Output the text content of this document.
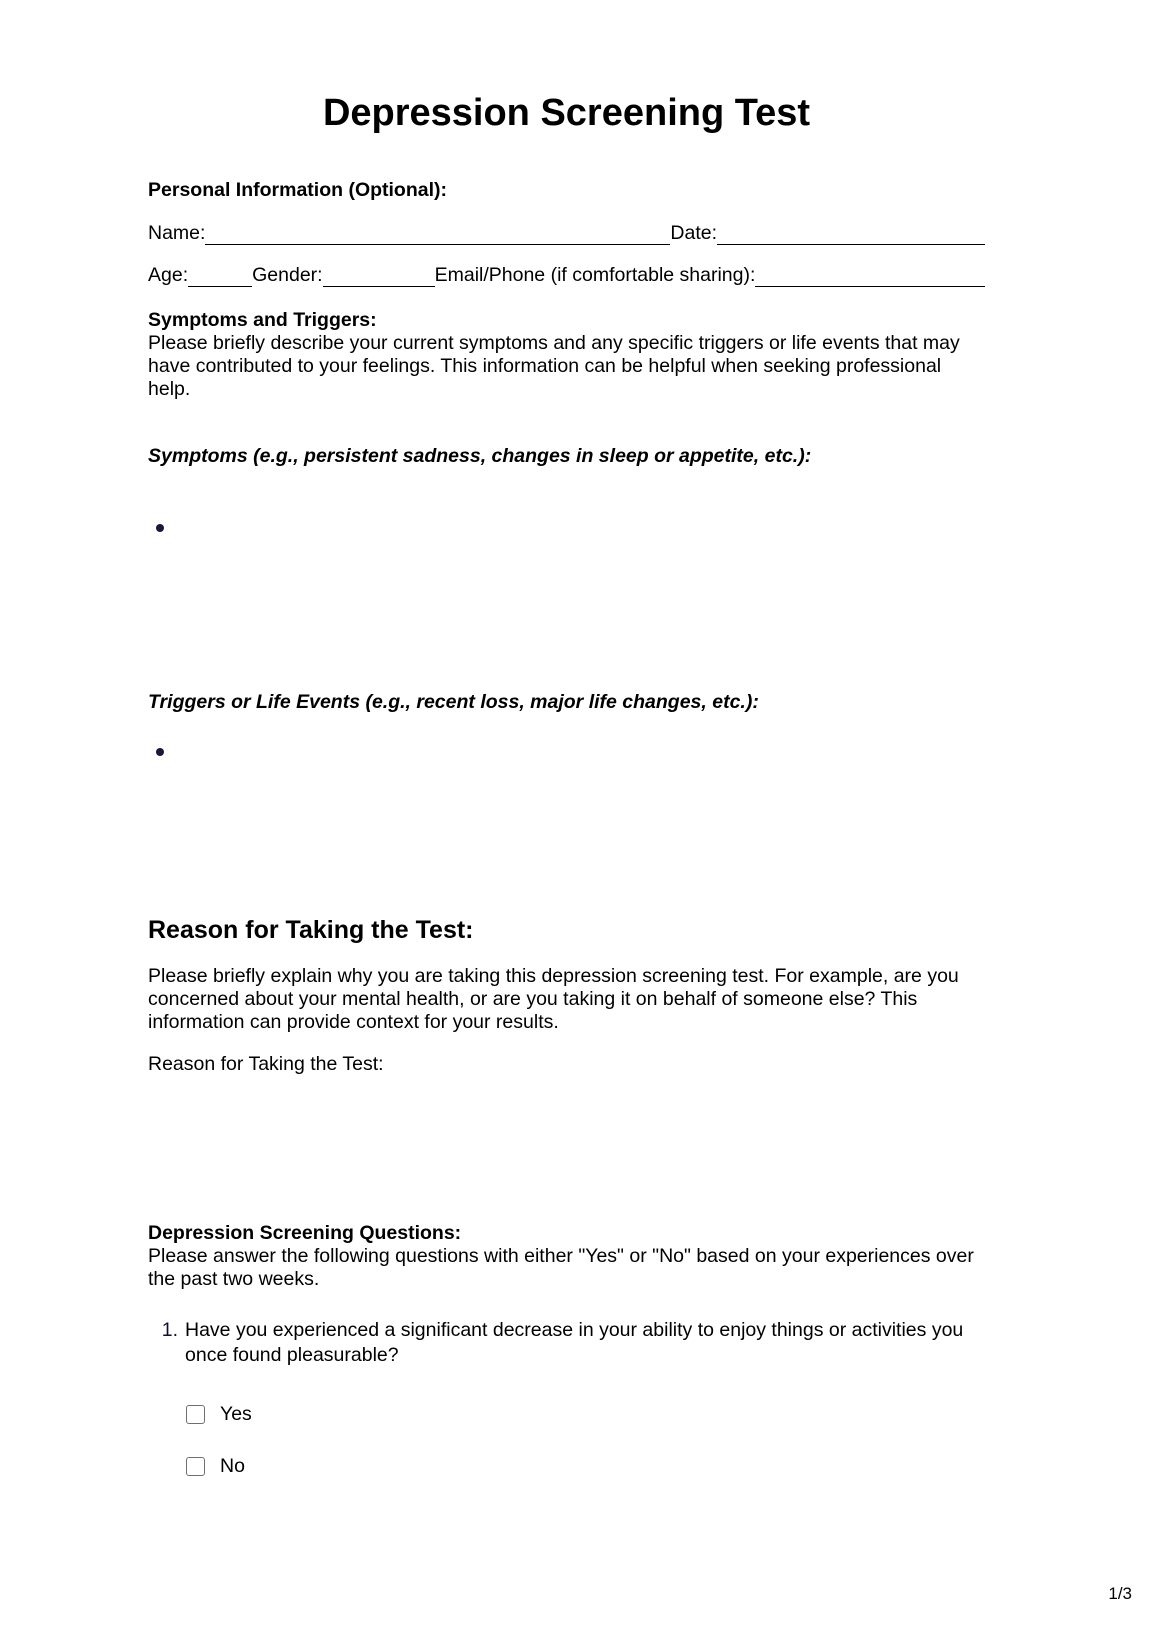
Depression Screening Test
Personal Information (Optional):
Name:	Date:
Age:	Gender:	Email/Phone (if comfortable sharing):
Symptoms and Triggers:

Please briefly describe your current symptoms and any specific triggers or life events that may have contributed to your feelings. This information can be helpful when seeking professional help.

Symptoms (e.g., persistent sadness, changes in sleep or appetite, etc.):
Triggers or Life Events (e.g., recent loss, major life changes, etc.):
Reason for Taking the Test:

Please briefly explain why you are taking this depression screening test. For example, are you concerned about your mental health, or are you taking it on behalf of someone else? This information can provide context for your results.

Reason for Taking the Test:

Depression Screening Questions:

Please answer the following questions with either "Yes" or "No" based on your experiences over the past two weeks.

1. Have you experienced a significant decrease in your ability to enjoy things or activities you once found pleasurable?
Yes
No
1/3
